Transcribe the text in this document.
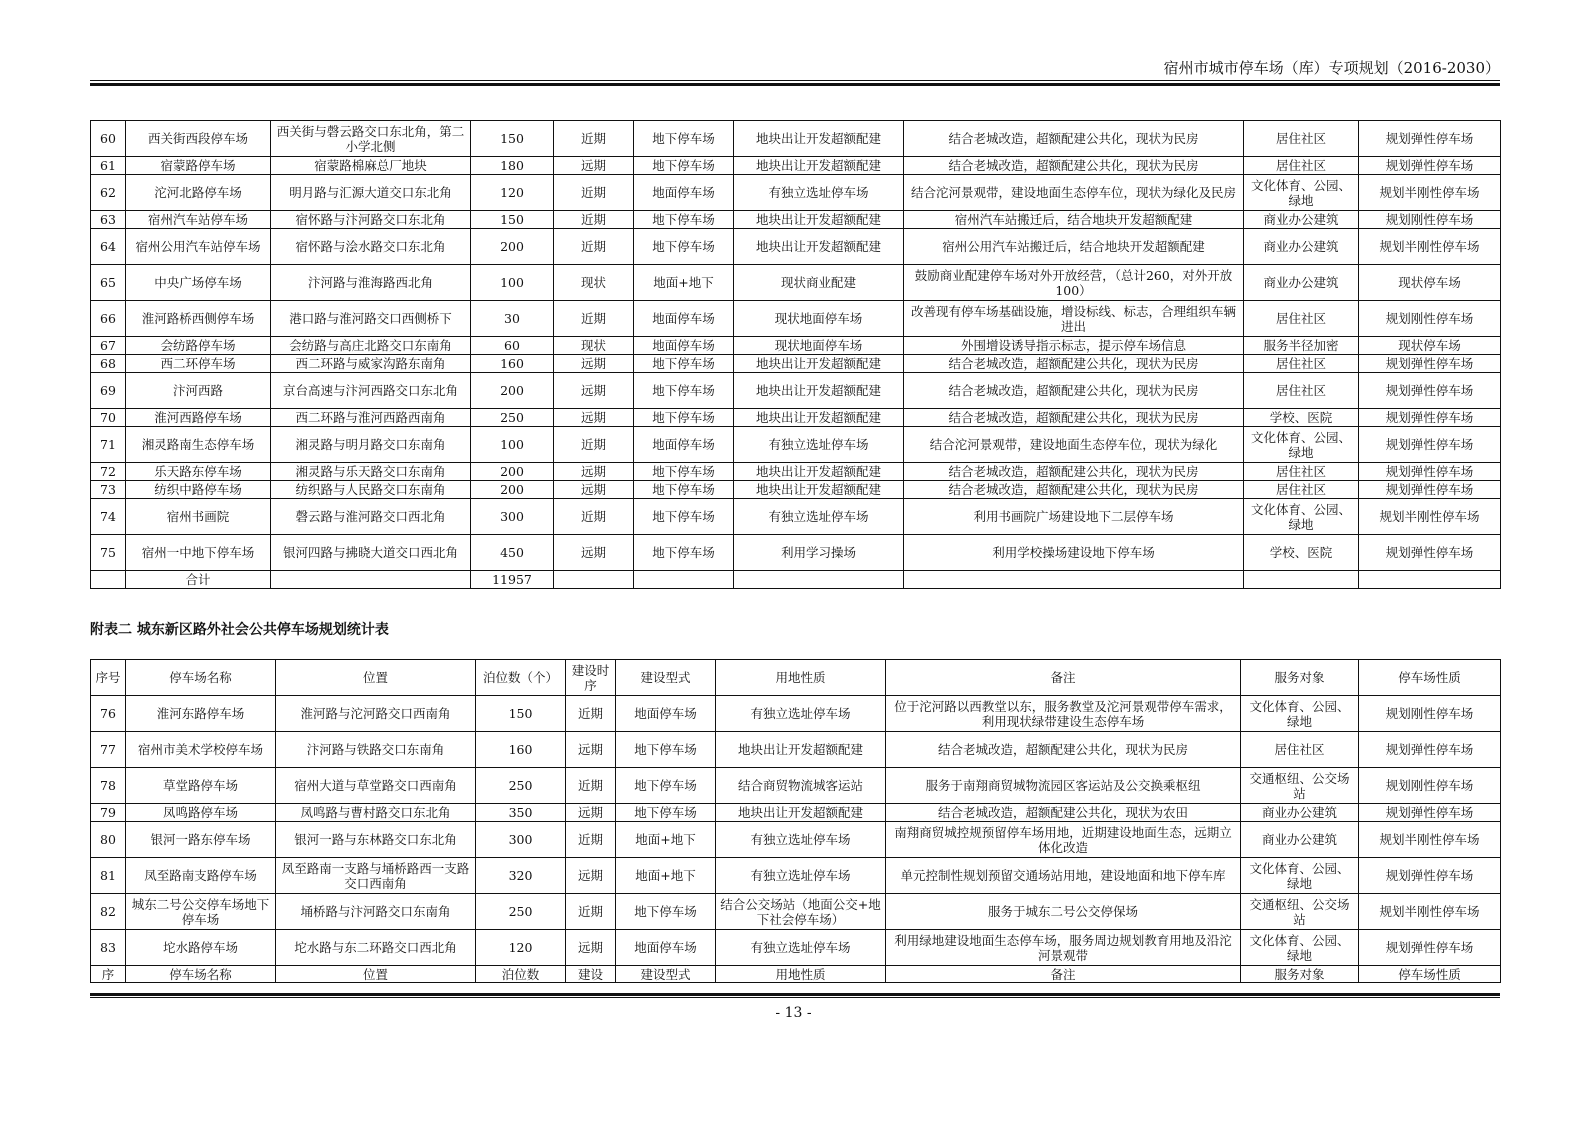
宿州市城市停车场（库）专项规划（2016-2030）
60	西关街西段停车场	西关街与磬云路交口东北角，第二小学北侧	150	近期	地下停车场	地块出让开发超额配建	结合老城改造，超额配建公共化，现状为民房	居住社区	规划弹性停车场
61	宿蒙路停车场	宿蒙路棉麻总厂地块	180	远期	地下停车场	地块出让开发超额配建	结合老城改造，超额配建公共化，现状为民房	居住社区	规划弹性停车场
62	沱河北路停车场	明月路与汇源大道交口东北角	120	近期	地面停车场	有独立选址停车场	结合沱河景观带，建设地面生态停车位，现状为绿化及民房	文化体育、公园、绿地	规划半刚性停车场
63	宿州汽车站停车场	宿怀路与汴河路交口东北角	150	近期	地下停车场	地块出让开发超额配建	宿州汽车站搬迁后，结合地块开发超额配建	商业办公建筑	规划刚性停车场
64	宿州公用汽车站停车场	宿怀路与浍水路交口东北角	200	近期	地下停车场	地块出让开发超额配建	宿州公用汽车站搬迁后，结合地块开发超额配建	商业办公建筑	规划半刚性停车场
65	中央广场停车场	汴河路与淮海路西北角	100	现状	地面+地下	现状商业配建	鼓励商业配建停车场对外开放经营，（总计260，对外开放100）	商业办公建筑	现状停车场
66	淮河路桥西侧停车场	港口路与淮河路交口西侧桥下	30	近期	地面停车场	现状地面停车场	改善现有停车场基础设施，增设标线、标志，合理组织车辆进出	居住社区	规划刚性停车场
67	会纺路停车场	会纺路与高庄北路交口东南角	60	现状	地面停车场	现状地面停车场	外围增设诱导指示标志，提示停车场信息	服务半径加密	现状停车场
68	西二环停车场	西二环路与威家沟路东南角	160	远期	地下停车场	地块出让开发超额配建	结合老城改造，超额配建公共化，现状为民房	居住社区	规划弹性停车场
69	汴河西路	京台高速与汴河西路交口东北角	200	远期	地下停车场	地块出让开发超额配建	结合老城改造，超额配建公共化，现状为民房	居住社区	规划弹性停车场
70	淮河西路停车场	西二环路与淮河西路西南角	250	远期	地下停车场	地块出让开发超额配建	结合老城改造，超额配建公共化，现状为民房	学校、医院	规划弹性停车场
71	湘灵路南生态停车场	湘灵路与明月路交口东南角	100	近期	地面停车场	有独立选址停车场	结合沱河景观带，建设地面生态停车位，现状为绿化	文化体育、公园、绿地	规划弹性停车场
72	乐天路东停车场	湘灵路与乐天路交口东南角	200	远期	地下停车场	地块出让开发超额配建	结合老城改造，超额配建公共化，现状为民房	居住社区	规划弹性停车场
73	纺织中路停车场	纺织路与人民路交口东南角	200	远期	地下停车场	地块出让开发超额配建	结合老城改造，超额配建公共化，现状为民房	居住社区	规划弹性停车场
74	宿州书画院	磬云路与淮河路交口西北角	300	近期	地下停车场	有独立选址停车场	利用书画院广场建设地下二层停车场	文化体育、公园、绿地	规划半刚性停车场
75	宿州一中地下停车场	银河四路与拂晓大道交口西北角	450	远期	地下停车场	利用学习操场	利用学校操场建设地下停车场	学校、医院	规划弹性停车场
	合计		11957						
附表二 城东新区路外社会公共停车场规划统计表
序号	停车场名称	位置	泊位数（个）	建设时序	建设型式	用地性质	备注	服务对象	停车场性质
76	淮河东路停车场	淮河路与沱河路交口西南角	150	近期	地面停车场	有独立选址停车场	位于沱河路以西教堂以东，服务教堂及沱河景观带停车需求，利用现状绿带建设生态停车场	文化体育、公园、绿地	规划刚性停车场
77	宿州市美术学校停车场	汴河路与铁路交口东南角	160	远期	地下停车场	地块出让开发超额配建	结合老城改造，超额配建公共化，现状为民房	居住社区	规划弹性停车场
78	草堂路停车场	宿州大道与草堂路交口西南角	250	近期	地下停车场	结合商贸物流城客运站	服务于南翔商贸城物流园区客运站及公交换乘枢纽	交通枢纽、公交场站	规划刚性停车场
79	凤鸣路停车场	凤鸣路与曹村路交口东北角	350	远期	地下停车场	地块出让开发超额配建	结合老城改造，超额配建公共化，现状为农田	商业办公建筑	规划弹性停车场
80	银河一路东停车场	银河一路与东林路交口东北角	300	近期	地面+地下	有独立选址停车场	南翔商贸城控规预留停车场用地，近期建设地面生态，远期立体化改造	商业办公建筑	规划半刚性停车场
81	凤至路南支路停车场	凤至路南一支路与埇桥路西一支路交口西南角	320	远期	地面+地下	有独立选址停车场	单元控制性规划预留交通场站用地，建设地面和地下停车库	文化体育、公园、绿地	规划弹性停车场
82	城东二号公交停车场地下停车场	埇桥路与汴河路交口东南角	250	近期	地下停车场	结合公交场站（地面公交+地下社会停车场）	服务于城东二号公交停保场	交通枢纽、公交场站	规划半刚性停车场
83	坨水路停车场	坨水路与东二环路交口西北角	120	远期	地面停车场	有独立选址停车场	利用绿地建设地面生态停车场，服务周边规划教育用地及沿沱河景观带	文化体育、公园、绿地	规划弹性停车场
序	停车场名称	位置	泊位数	建设	建设型式	用地性质	备注	服务对象	停车场性质
- 13 -
